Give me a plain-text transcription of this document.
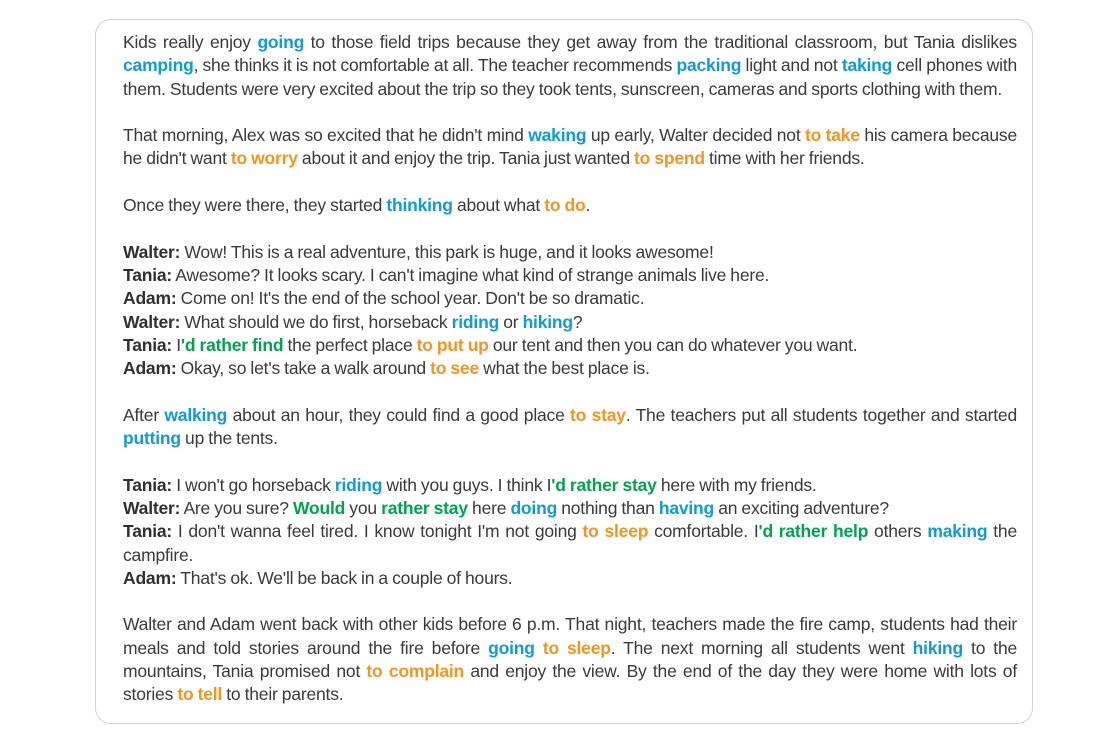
Kids really enjoy going to those field trips because they get away from the traditional classroom, but Tania dislikes camping, she thinks it is not comfortable at all. The teacher recommends packing light and not taking cell phones with them. Students were very excited about the trip so they took tents, sunscreen, cameras and sports clothing with them.

That morning, Alex was so excited that he didn't mind waking up early, Walter decided not to take his camera because he didn't want to worry about it and enjoy the trip. Tania just wanted to spend time with her friends.

Once they were there, they started thinking about what to do.

Walter: Wow! This is a real adventure, this park is huge, and it looks awesome!

Tania: Awesome? It looks scary. I can't imagine what kind of strange animals live here.

Adam: Come on! It's the end of the school year. Don't be so dramatic.

Walter: What should we do first, horseback riding or hiking?

Tania: I'd rather find the perfect place to put up our tent and then you can do whatever you want.

Adam: Okay, so let's take a walk around to see what the best place is.

After walking about an hour, they could find a good place to stay. The teachers put all students together and started putting up the tents.

Tania: I won't go horseback riding with you guys. I think I'd rather stay here with my friends.

Walter: Are you sure? Would you rather stay here doing nothing than having an exciting adventure?

Tania: I don't wanna feel tired. I know tonight I'm not going to sleep comfortable. I'd rather help others making the campfire.

Adam: That's ok. We'll be back in a couple of hours.

Walter and Adam went back with other kids before 6 p.m. That night, teachers made the fire camp, students had their meals and told stories around the fire before going to sleep. The next morning all students went hiking to the mountains, Tania promised not to complain and enjoy the view. By the end of the day they were home with lots of stories to tell to their parents.
